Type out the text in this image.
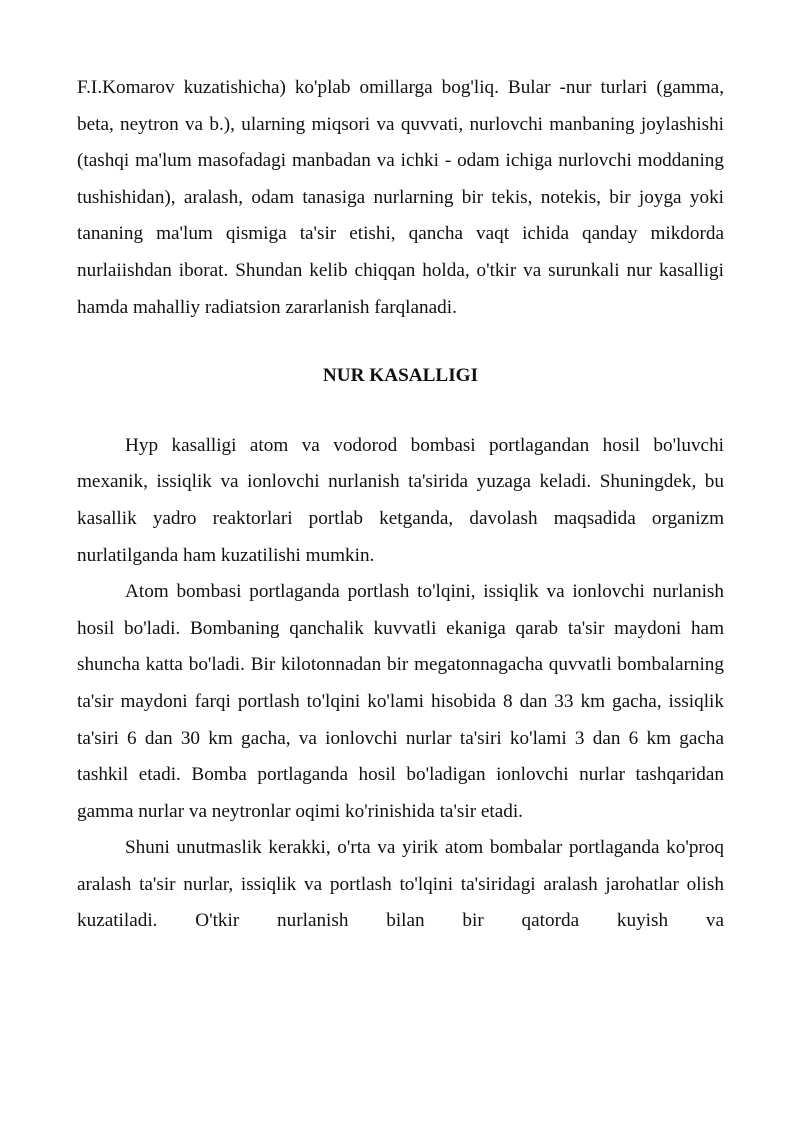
F.I.Komarov kuzatishicha) ko'plab omillarga bog'liq. Bular -nur turlari (gamma, beta, neytron va b.), ularning miqsori va quvvati, nurlovchi manbaning joylashishi (tashqi ma'lum masofadagi manbadan va ichki - odam ichiga nurlovchi moddaning tushishidan), aralash, odam tanasiga nurlarning bir tekis, notekis, bir joyga yoki tananing ma'lum qismiga ta'sir etishi, qancha vaqt ichida qanday mikdorda nurlaiishdan iborat. Shundan kelib chiqqan holda, o'tkir va surunkali nur kasalligi hamda mahalliy radiatsion zararlanish farqlanadi.

NUR KASALLIGI

Hyp kasalligi atom va vodorod bombasi portlagandan hosil bo'luvchi mexanik, issiqlik va ionlovchi nurlanish ta'sirida yuzaga keladi. Shuningdek, bu kasallik yadro reaktorlari portlab ketganda, davolash maqsadida organizm nurlatilganda ham kuzatilishi mumkin.

Atom bombasi portlaganda portlash to'lqini, issiqlik va ionlovchi nurlanish hosil bo'ladi. Bombaning qanchalik kuvvatli ekaniga qarab ta'sir maydoni ham shuncha katta bo'ladi. Bir kilotonnadan bir megatonnagacha quvvatli bombalarning ta'sir maydoni farqi portlash to'lqini ko'lami hisobida 8 dan 33 km gacha, issiqlik ta'siri 6 dan 30 km gacha, va ionlovchi nurlar ta'siri ko'lami 3 dan 6 km gacha tashkil etadi. Bomba portlaganda hosil bo'ladigan ionlovchi nurlar tashqaridan gamma nurlar va neytronlar oqimi ko'rinishida ta'sir etadi.

Shuni unutmaslik kerakki, o'rta va yirik atom bombalar portlaganda ko'proq aralash ta'sir nurlar, issiqlik va portlash to'lqini ta'siridagi aralash jarohatlar olish kuzatiladi. O'tkir nurlanish bilan bir qatorda kuyish va
